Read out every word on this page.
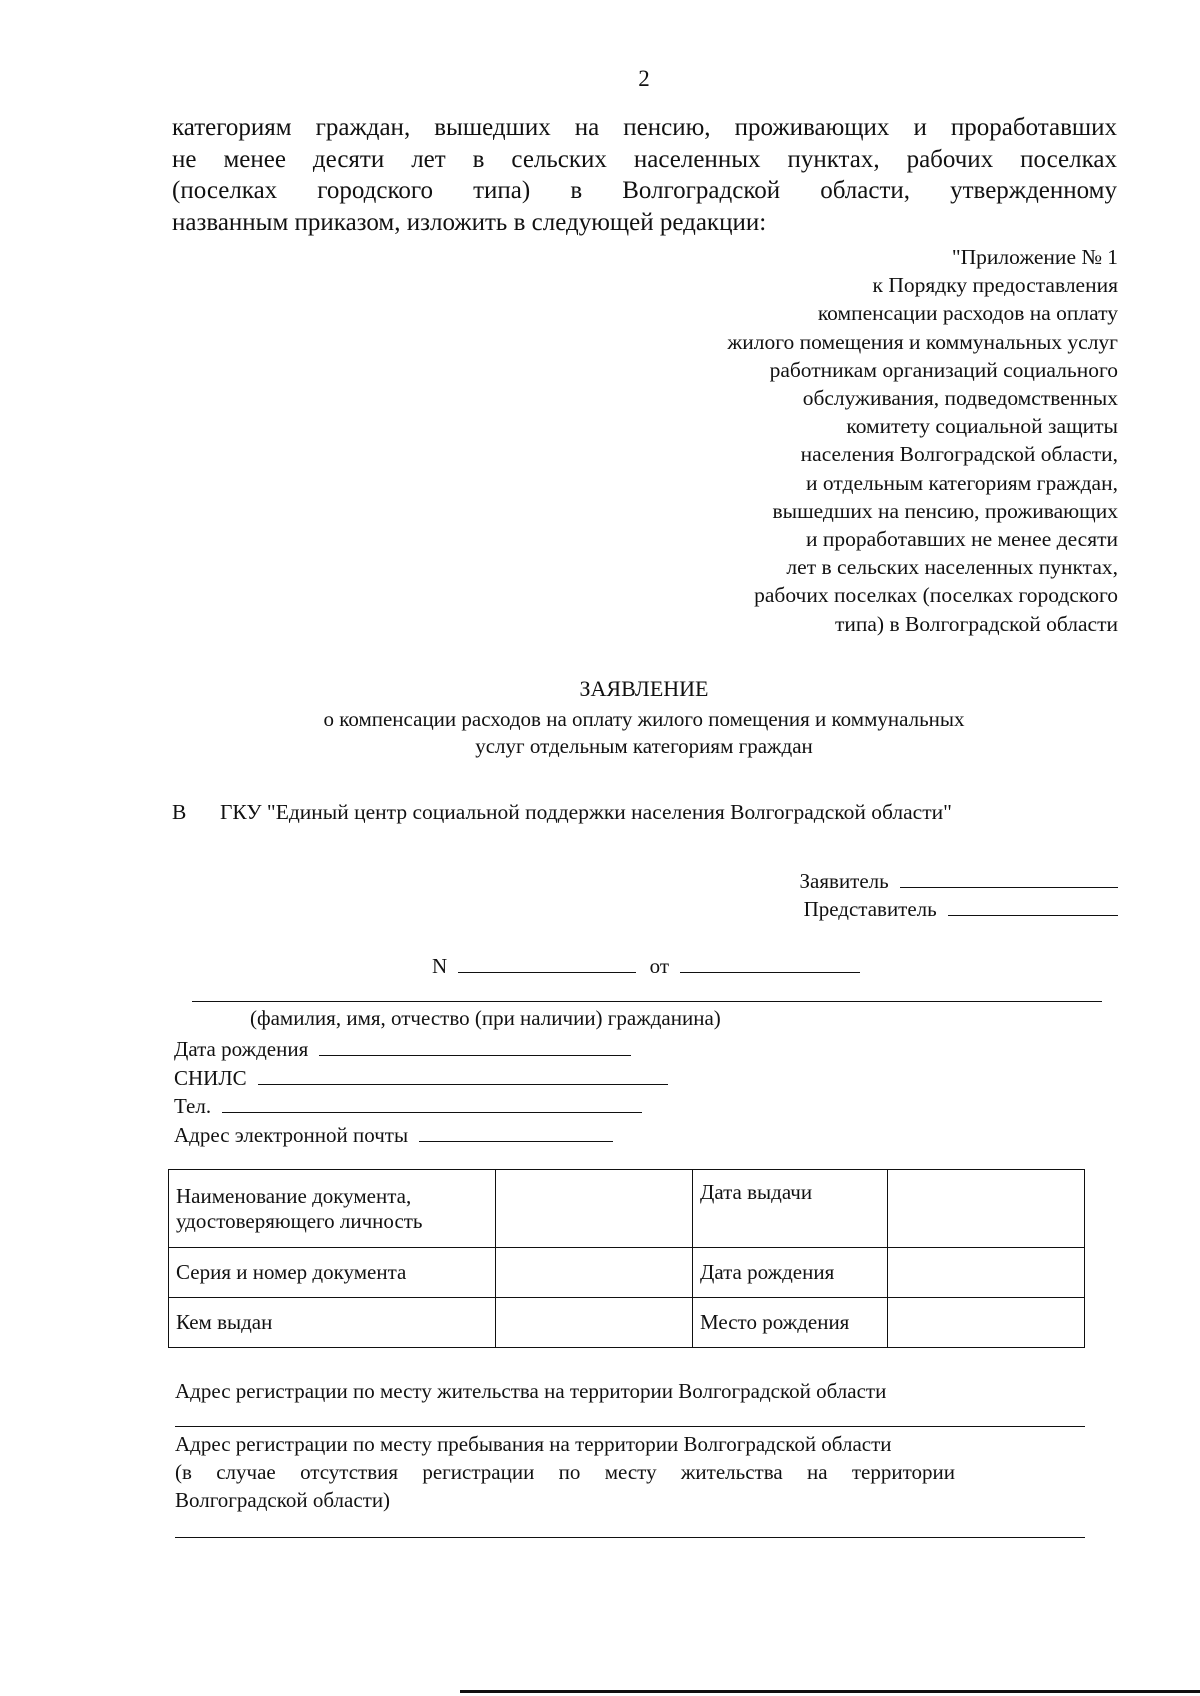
2
категориям граждан, вышедших на пенсию, проживающих и проработавших
не менее десяти лет в сельских населенных пунктах, рабочих поселках
(поселках городского типа) в Волгоградской области, утвержденному
названным приказом, изложить в следующей редакции:
"Приложение № 1
к Порядку предоставления
компенсации расходов на оплату
жилого помещения и коммунальных услуг
работникам организаций социального
обслуживания, подведомственных
комитету социальной защиты
населения Волгоградской области,
и отдельным категориям граждан,
вышедших на пенсию, проживающих
и проработавших не менее десяти
лет в сельских населенных пунктах,
рабочих поселках (поселках городского
типа) в Волгоградской области
ЗАЯВЛЕНИЕ
о компенсации расходов на оплату жилого помещения и коммунальных
услуг отдельным категориям граждан
В ГКУ "Единый центр социальной поддержки населения Волгоградской области"
Заявитель
Представитель
N	от
(фамилия, имя, отчество (при наличии) гражданина)
Дата рождения
СНИЛС
Тел.
Адрес электронной почты
Наименование документа, удостоверяющего личность		Дата выдачи	
Серия и номер документа		Дата рождения	
Кем выдан		Место рождения	
Адрес регистрации по месту жительства на территории Волгоградской области
Адрес регистрации по месту пребывания на территории Волгоградской области
(в случае отсутствия регистрации по месту жительства на территории
Волгоградской области)
